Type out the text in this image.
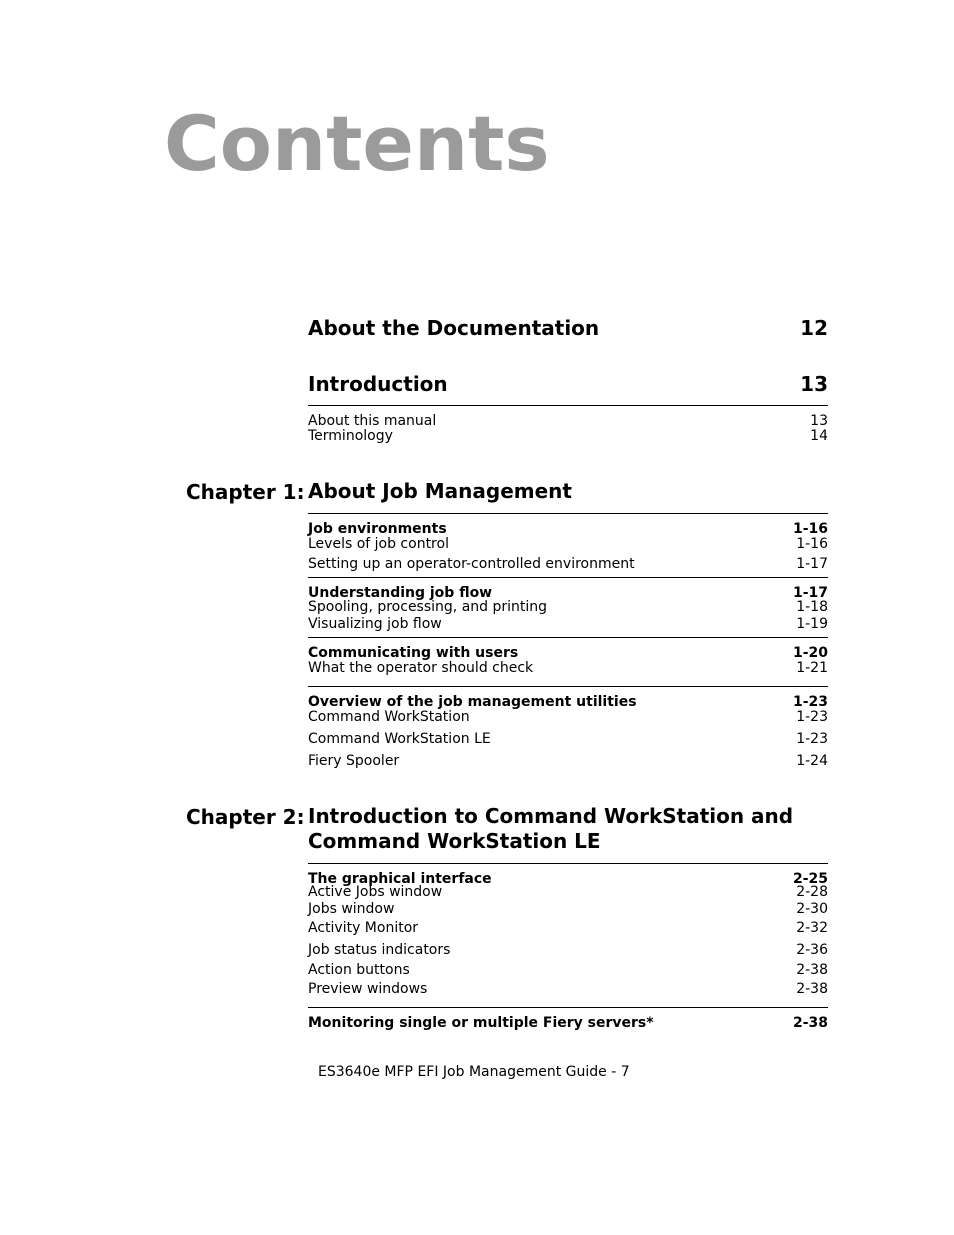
Contents
About the Documentation	12
Introduction	13
About this manual	13
Terminology	14
Chapter 1: About Job Management
Job environments	1-16
Levels of job control	1-16
Setting up an operator-controlled environment	1-17
Understanding job flow	1-17
Spooling, processing, and printing	1-18
Visualizing job flow	1-19
Communicating with users	1-20
What the operator should check	1-21
Overview of the job management utilities	1-23
Command WorkStation	1-23
Command WorkStation LE	1-23
Fiery Spooler	1-24
Chapter 2: Introduction to Command WorkStation and
Command WorkStation LE
The graphical interface	2-25
Active Jobs window	2-28
Jobs window	2-30
Activity Monitor	2-32
Job status indicators	2-36
Action buttons	2-38
Preview windows	2-38
Monitoring single or multiple Fiery servers*	2-38
ES3640e MFP EFI Job Management Guide - 7
